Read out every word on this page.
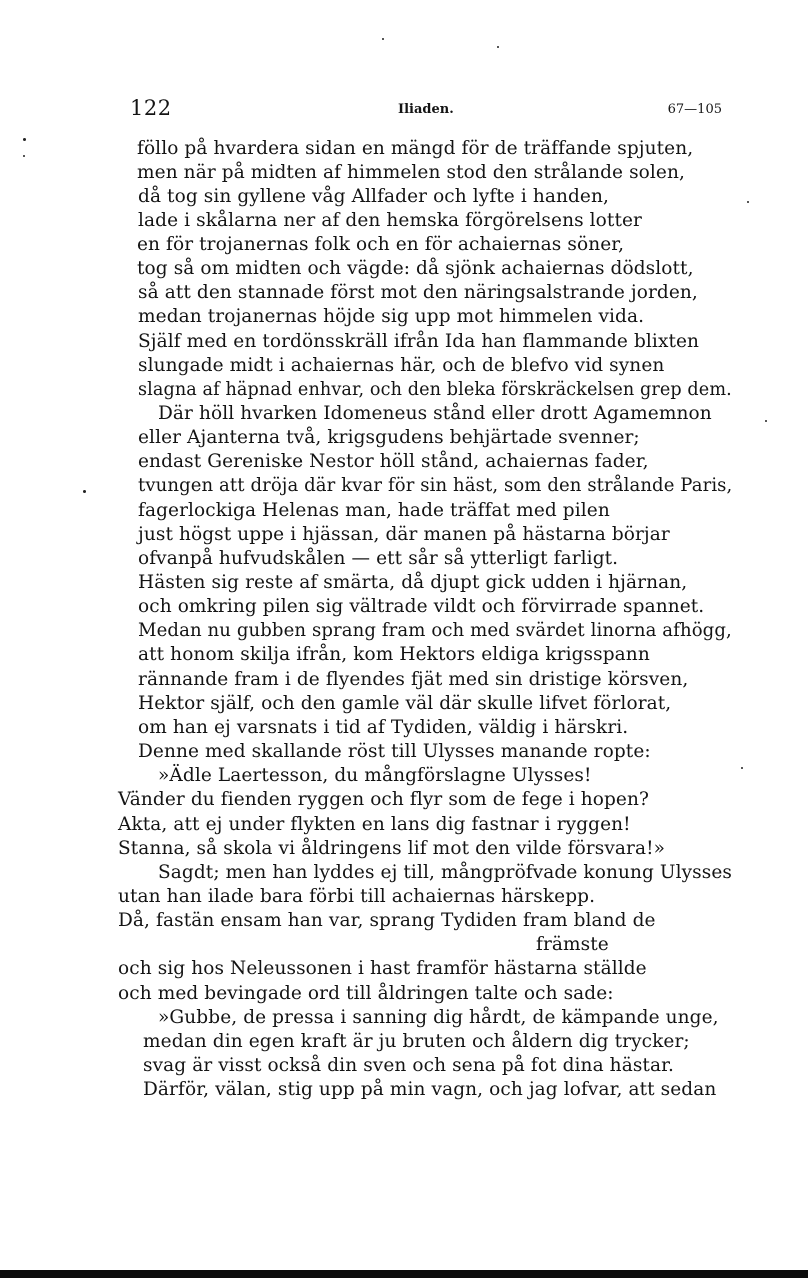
122	Iliaden.	67—105
föllo på hvardera sidan en mängd för de träffande spjuten,
men när på midten af himmelen stod den strålande solen,
då tog sin gyllene våg Allfader och lyfte i handen,
lade i skålarna ner af den hemska förgörelsens lotter
en för trojanernas folk och en för achaiernas söner,
tog så om midten och vägde: då sjönk achaiernas dödslott,
så att den stannade först mot den näringsalstrande jorden,
medan trojanernas höjde sig upp mot himmelen vida.
Själf med en tordönsskräll ifrån Ida han flammande blixten
slungade midt i achaiernas här, och de blefvo vid synen
slagna af häpnad enhvar, och den bleka förskräckelsen grep dem.
Där höll hvarken Idomeneus stånd eller drott Agamemnon
eller Ajanterna två, krigsgudens behjärtade svenner;
endast Gereniske Nestor höll stånd, achaiernas fader,
tvungen att dröja där kvar för sin häst, som den strålande Paris,
fagerlockiga Helenas man, hade träffat med pilen
just högst uppe i hjässan, där manen på hästarna börjar
ofvanpå hufvudskålen — ett sår så ytterligt farligt.
Hästen sig reste af smärta, då djupt gick udden i hjärnan,
och omkring pilen sig vältrade vildt och förvirrade spannet.
Medan nu gubben sprang fram och med svärdet linorna afhögg,
att honom skilja ifrån, kom Hektors eldiga krigsspann
rännande fram i de flyendes fjät med sin dristige körsven,
Hektor själf, och den gamle väl där skulle lifvet förlorat,
om han ej varsnats i tid af Tydiden, väldig i härskri.
Denne med skallande röst till Ulysses manande ropte:
»Ädle Laertesson, du mångförslagne Ulysses!
Vänder du fienden ryggen och flyr som de fege i hopen?
Akta, att ej under flykten en lans dig fastnar i ryggen!
Stanna, så skola vi åldringens lif mot den vilde försvara!»
Sagdt; men han lyddes ej till, mångpröfvade konung Ulysses
utan han ilade bara förbi till achaiernas härskepp.
Då, fastän ensam han var, sprang Tydiden fram bland de
främste
och sig hos Neleussonen i hast framför hästarna ställde
och med bevingade ord till åldringen talte och sade:
»Gubbe, de pressa i sanning dig hårdt, de kämpande unge,
medan din egen kraft är ju bruten och åldern dig trycker;
svag är visst också din sven och sena på fot dina hästar.
Därför, välan, stig upp på min vagn, och jag lofvar, att sedan
